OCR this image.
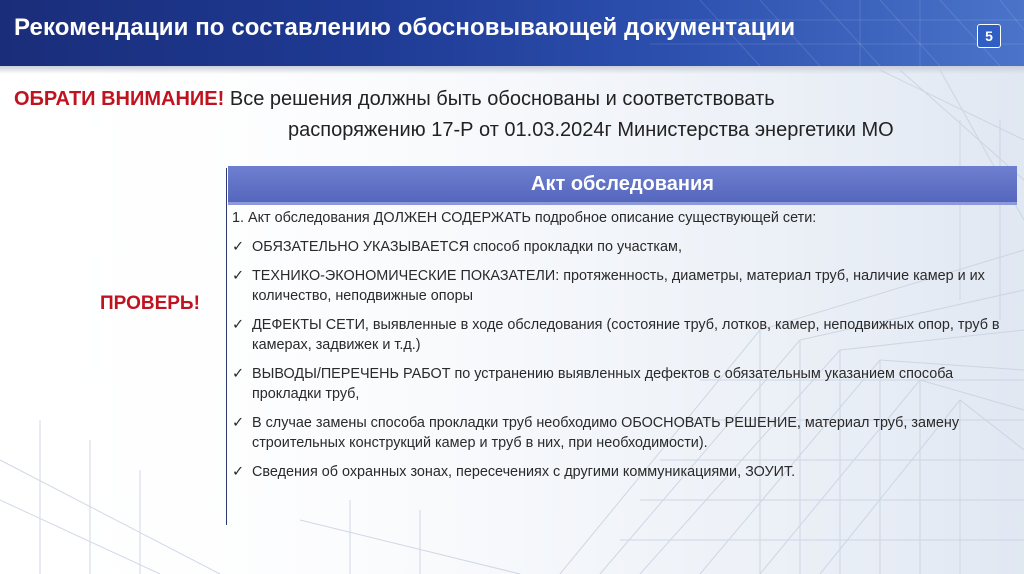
Рекомендации по составлению обосновывающей документации	5
ОБРАТИ ВНИМАНИЕ! Все решения должны быть обоснованы и соответствовать
распоряжению 17-Р от 01.03.2024г Министерства энергетики МО
ПРОВЕРЬ!
Акт обследования
1. Акт обследования ДОЛЖЕН СОДЕРЖАТЬ подробное описание существующей сети:
✓ ОБЯЗАТЕЛЬНО УКАЗЫВАЕТСЯ способ прокладки по участкам,
✓ ТЕХНИКО-ЭКОНОМИЧЕСКИЕ ПОКАЗАТЕЛИ: протяженность, диаметры, материал труб, наличие камер и их количество, неподвижные опоры
✓ ДЕФЕКТЫ СЕТИ, выявленные в ходе обследования (состояние труб, лотков, камер, неподвижных опор, труб в камерах, задвижек и т.д.)
✓ ВЫВОДЫ/ПЕРЕЧЕНЬ РАБОТ по устранению выявленных дефектов с обязательным указанием способа прокладки труб,
✓ В случае замены способа прокладки труб необходимо ОБОСНОВАТЬ РЕШЕНИЕ, материал труб, замену строительных конструкций камер и труб в них, при необходимости).
✓ Сведения об охранных зонах, пересечениях с другими коммуникациями, ЗОУИТ.
